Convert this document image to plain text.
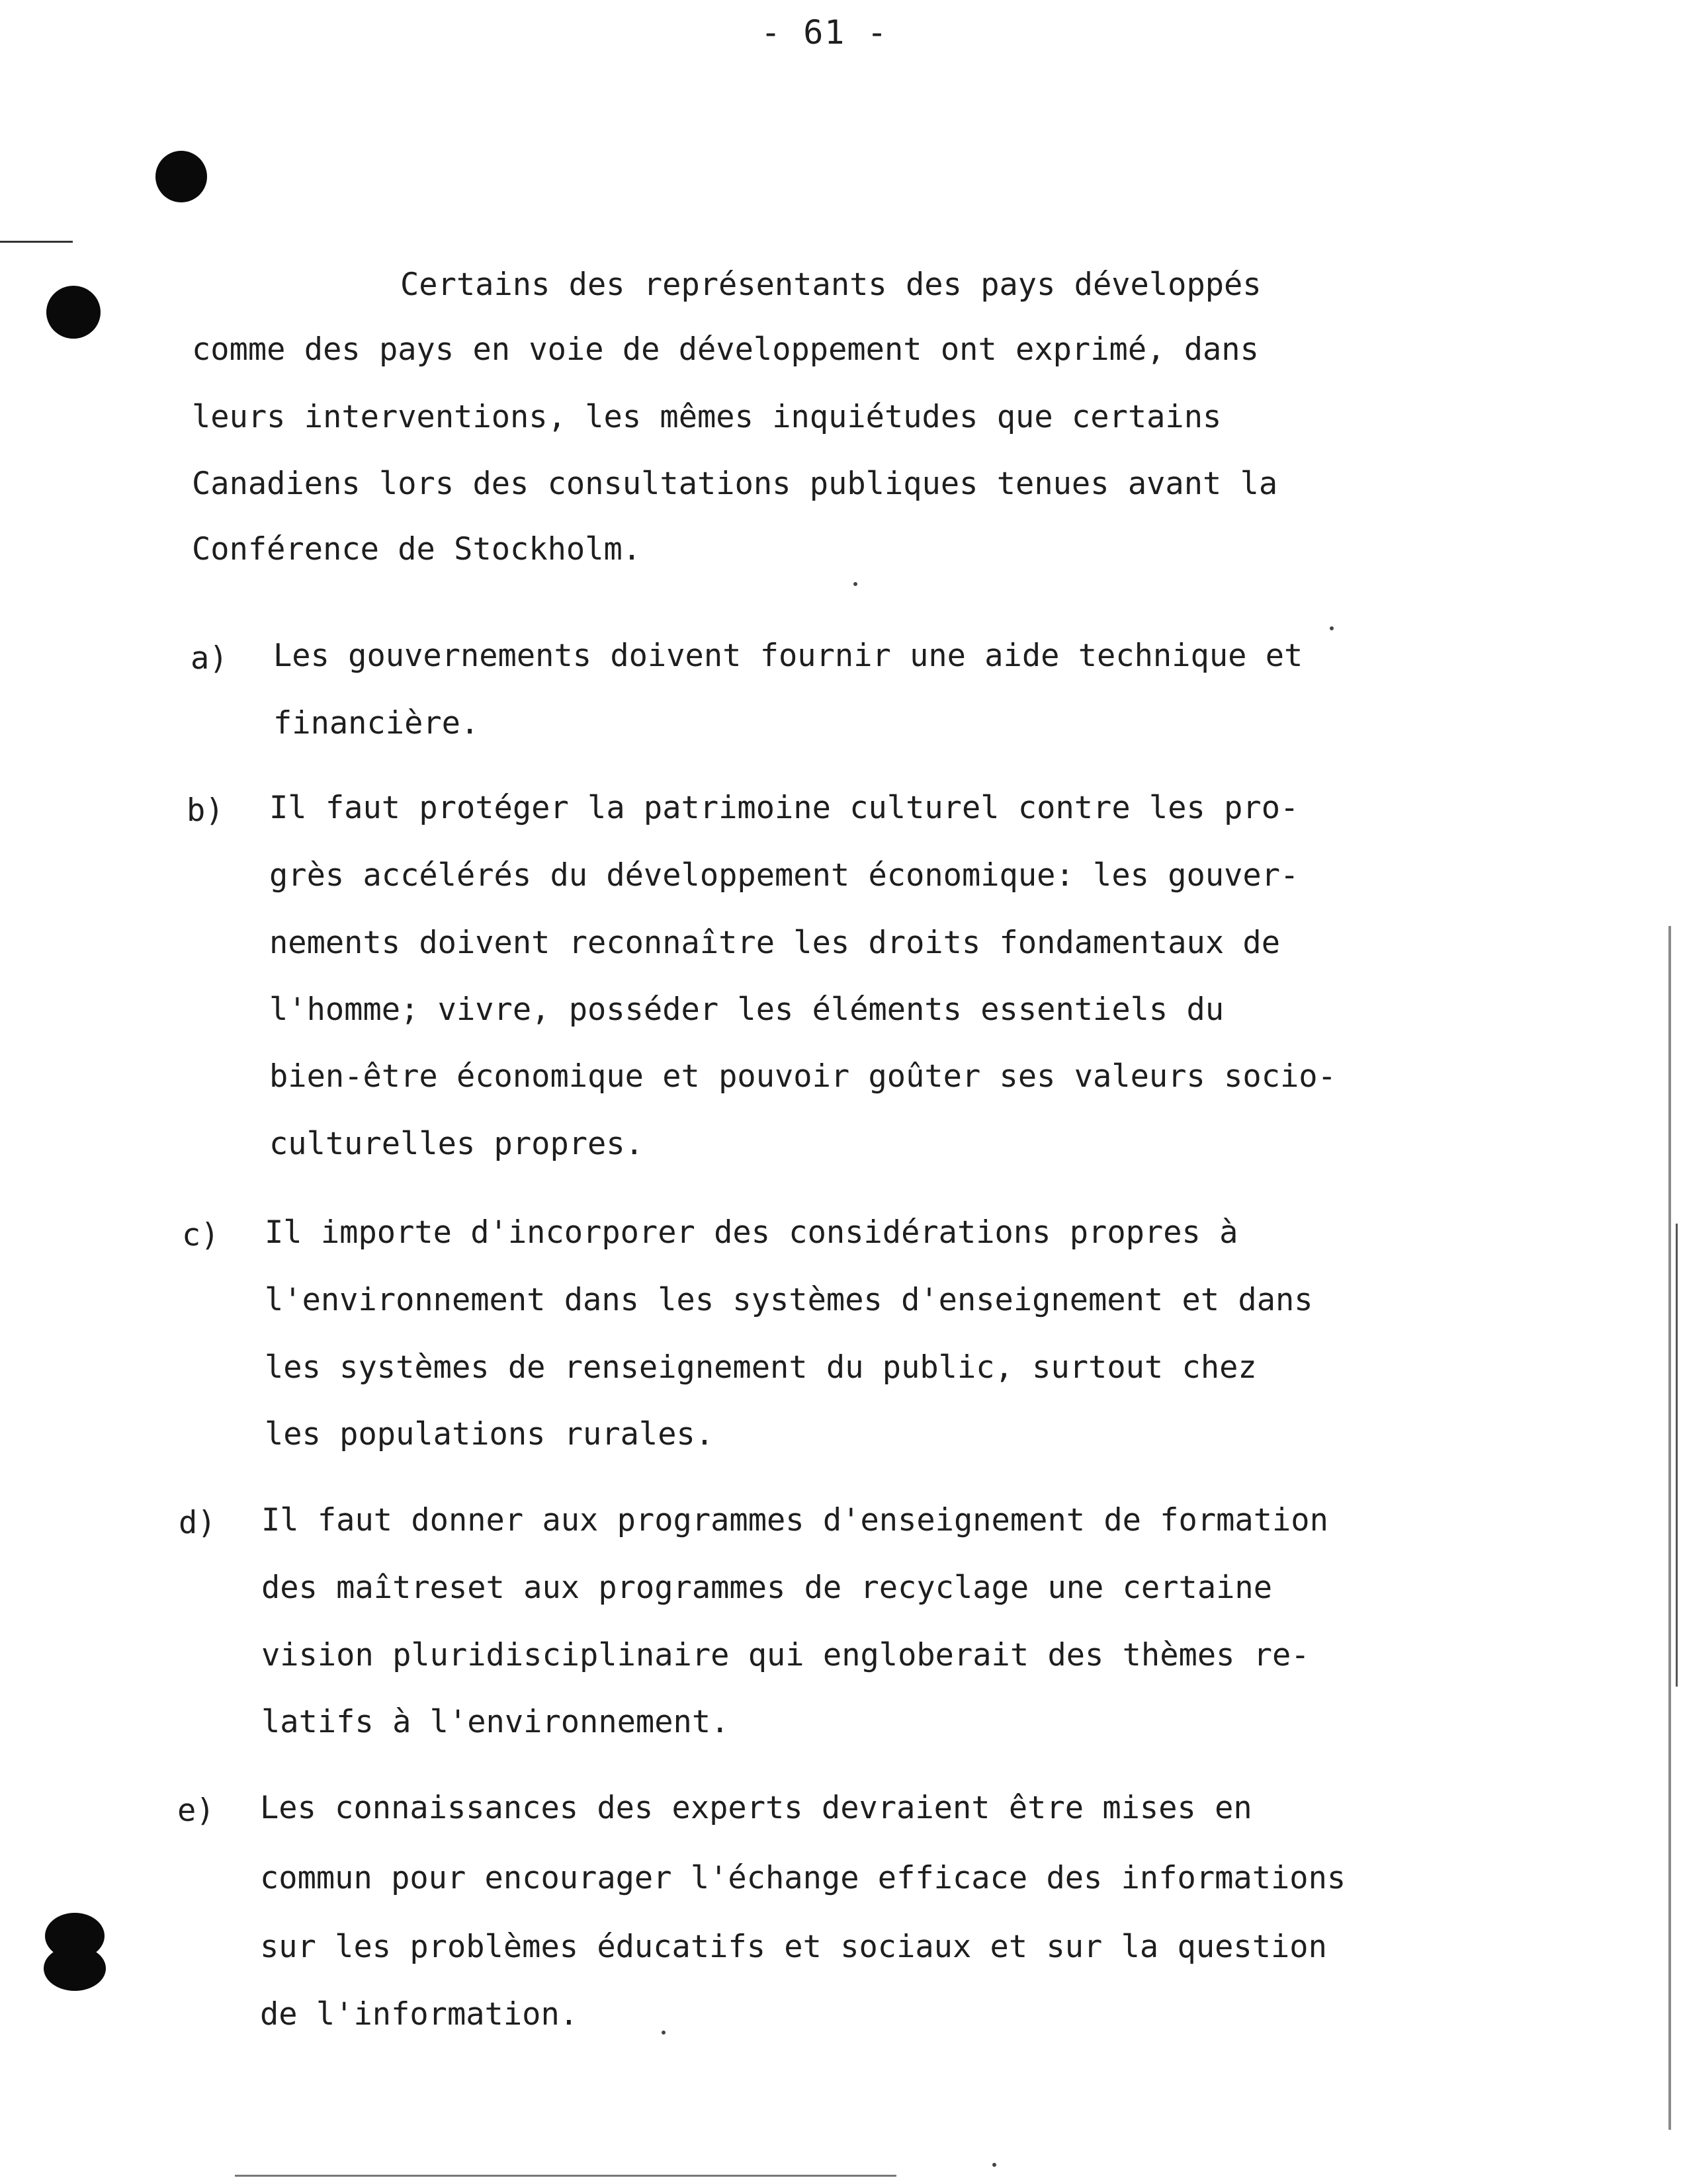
- 61 -
Certains des représentants des pays développés
comme des pays en voie de développement ont exprimé, dans
leurs interventions, les mêmes inquiétudes que certains
Canadiens lors des consultations publiques tenues avant la
Conférence de Stockholm.
a) Les gouvernements doivent fournir une aide technique et
financière.
b) Il faut protéger la patrimoine culturel contre les pro-
grès accélérés du développement économique: les gouver-
nements doivent reconnaître les droits fondamentaux de
l'homme; vivre, posséder les éléments essentiels du
bien-être économique et pouvoir goûter ses valeurs socio-
culturelles propres.
c) Il importe d'incorporer des considérations propres à
l'environnement dans les systèmes d'enseignement et dans
les systèmes de renseignement du public, surtout chez
les populations rurales.
d) Il faut donner aux programmes d'enseignement de formation
des maîtreset aux programmes de recyclage une certaine
vision pluridisciplinaire qui engloberait des thèmes re-
latifs à l'environnement.
e) Les connaissances des experts devraient être mises en
commun pour encourager l'échange efficace des informations
sur les problèmes éducatifs et sociaux et sur la question
de l'information.
